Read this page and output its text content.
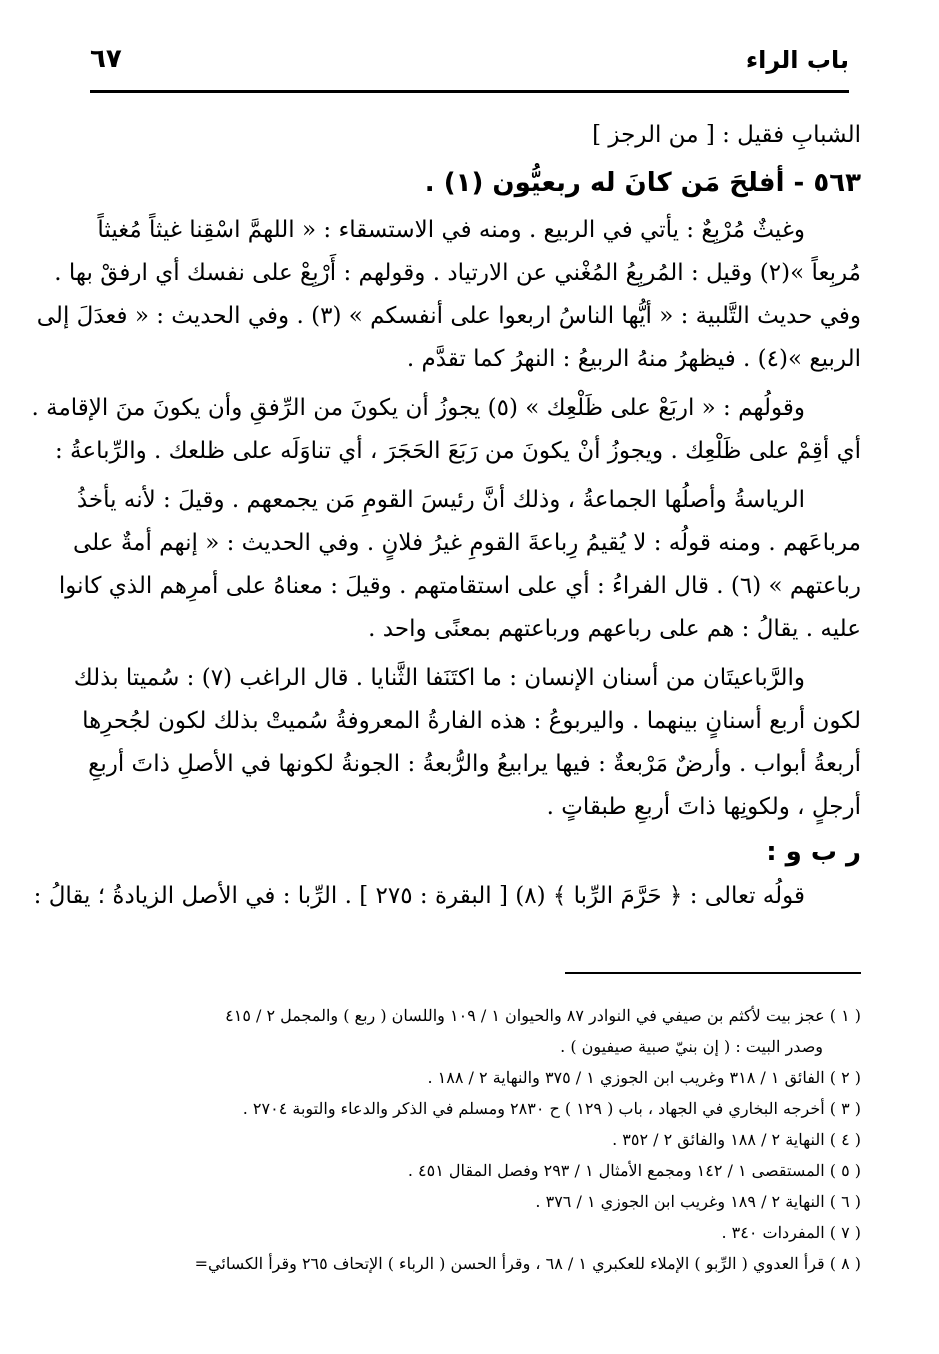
باب الراء
٦٧
الشبابِ فقيل : [ من الرجز ]
٥٦٣ - أفلحَ مَن كانَ له ربعيُّون (١) .
وغيثٌ مُرْبِعٌ : يأتي في الربيع . ومنه في الاستسقاء : « اللهمَّ اسْقِنا غيثاً مُغيثاً
مُربِعاً »(٢) وقيل : المُربِعُ المُغْني عن الارتياد . وقولهم : أَرْبِعْ على نفسك أي ارفقْ بها .
وفي حديث التَّلبية : « أيُّها الناسُ اربعوا على أنفسكم » (٣) . وفي الحديث : « فعدَلَ إلى
الربيع »(٤) . فيظهرُ منهُ الربيعُ : النهرُ كما تقدَّم .
وقولُهم : « اربَعْ على ظَلْعِك » (٥) يجوزُ أن يكونَ من الرِّفقِ وأن يكونَ منَ الإقامة .
أي أقِمْ على ظَلْعِك . ويجوزُ أنْ يكونَ من رَبَعَ الحَجَرَ ، أي تناوَلَه على ظلعك . والرِّباعةُ :
الرياسةُ وأصلُها الجماعةُ ، وذلك أنَّ رئيسَ القومِ مَن يجمعهم . وقيلَ : لأنه يأخذُ
مرباعَهم . ومنه قولُه : لا يُقيمُ رِباعةَ القومِ غيرُ فلانٍ . وفي الحديث : « إنهم أمةٌ على
رباعتهم » (٦) . قال الفراءُ : أي على استقامتهم . وقيلَ : معناهُ على أمرِهم الذي كانوا
عليه . يقالُ : هم على رباعهم ورباعتهم بمعنًى واحد .
والرَّباعيتَان من أسنان الإنسان : ما اكتَنَفا الثَّنايا . قال الراغب (٧) : سُميتا بذلك
لكون أربع أسنانٍ بينهما . واليربوعُ : هذه الفارةُ المعروفةُ سُميتْ بذلك لكون لجُحرِها
أربعةُ أبواب . وأرضٌ مَرْبعةٌ : فيها يرابيعُ والرُّبعةُ : الجونةُ لكونها في الأصلِ ذاتَ أربعِ
أرجلٍ ، ولكونِها ذاتَ أربعِ طبقاتٍ .
ر ب و :
قولُه تعالى : ﴿ حَرَّمَ الرِّبا ﴾ (٨) [ البقرة : ٢٧٥ ] . الرِّبا : في الأصل الزيادةُ ؛ يقالُ :
( ١ ) عجز بيت لأكثم بن صيفي في النوادر ٨٧ والحيوان ١ / ١٠٩ واللسان ( ربع ) والمجمل ٢ / ٤١٥
وصدر البيت : ( إن بنيّ صبية صيفيون ) .
( ٢ ) الفائق ١ / ٣١٨ وغريب ابن الجوزي ١ / ٣٧٥ والنهاية ٢ / ١٨٨ .
( ٣ ) أخرجه البخاري في الجهاد ، باب ( ١٢٩ ) ح ٢٨٣٠ ومسلم في الذكر والدعاء والتوبة ٢٧٠٤ .
( ٤ ) النهاية ٢ / ١٨٨ والفائق ٢ / ٣٥٢ .
( ٥ ) المستقصى ١ / ١٤٢ ومجمع الأمثال ١ / ٢٩٣ وفصل المقال ٤٥١ .
( ٦ ) النهاية ٢ / ١٨٩ وغريب ابن الجوزي ١ / ٣٧٦ .
( ٧ ) المفردات ٣٤٠ .
( ٨ ) قرأ العدوي ( الرِّبو ) الإملاء للعكبري ١ / ٦٨ ، وقرأ الحسن ( الرباء ) الإتحاف ٢٦٥ وقرأ الكسائي=
